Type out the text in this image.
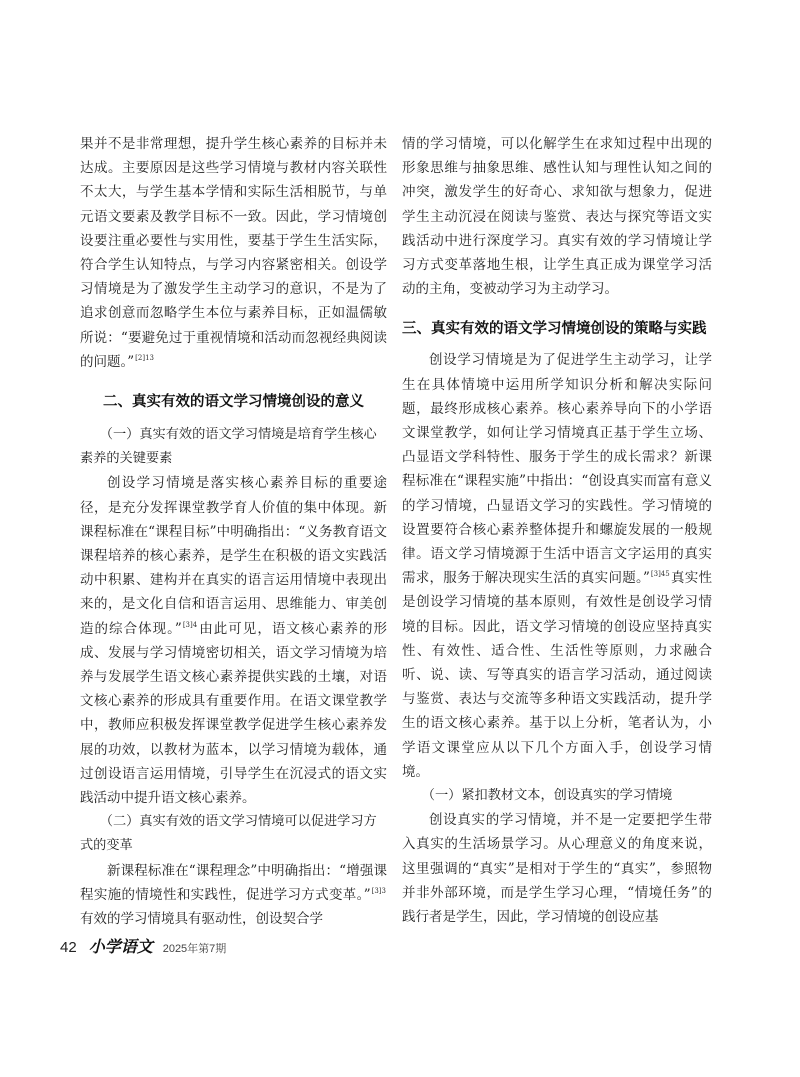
果并不是非常理想，提升学生核心素养的目标并未达成。主要原因是这些学习情境与教材内容关联性不太大，与学生基本学情和实际生活相脱节，与单元语文要素及教学目标不一致。因此，学习情境创设要注重必要性与实用性，要基于学生生活实际，符合学生认知特点，与学习内容紧密相关。创设学习情境是为了激发学生主动学习的意识，不是为了追求创意而忽略学生本位与素养目标，正如温儒敏所说：“要避免过于重视情境和活动而忽视经典阅读的问题。”$^{[2]13}$

二、真实有效的语文学习情境创设的意义
（一）真实有效的语文学习情境是培育学生核心素养的关键要素

创设学习情境是落实核心素养目标的重要途径，是充分发挥课堂教学育人价值的集中体现。新课程标准在“课程目标”中明确指出：“义务教育语文课程培养的核心素养，是学生在积极的语文实践活动中积累、建构并在真实的语言运用情境中表现出来的，是文化自信和语言运用、思维能力、审美创造的综合体现。”$^{[3]4}$由此可见，语文核心素养的形成、发展与学习情境密切相关，语文学习情境为培养与发展学生语文核心素养提供实践的土壤，对语文核心素养的形成具有重要作用。在语文课堂教学中，教师应积极发挥课堂教学促进学生核心素养发展的功效，以教材为蓝本，以学习情境为载体，通过创设语言运用情境，引导学生在沉浸式的语文实践活动中提升语文核心素养。

（二）真实有效的语文学习情境可以促进学习方式的变革

新课程标准在“课程理念”中明确指出：“增强课程实施的情境性和实践性，促进学习方式变革。”$^{[3]3}$有效的学习情境具有驱动性，创设契合学

情的学习情境，可以化解学生在求知过程中出现的形象思维与抽象思维、感性认知与理性认知之间的冲突，激发学生的好奇心、求知欲与想象力，促进学生主动沉浸在阅读与鉴赏、表达与探究等语文实践活动中进行深度学习。真实有效的学习情境让学习方式变革落地生根，让学生真正成为课堂学习活动的主角，变被动学习为主动学习。

三、真实有效的语文学习情境创设的策略与实践

创设学习情境是为了促进学生主动学习，让学生在具体情境中运用所学知识分析和解决实际问题，最终形成核心素养。核心素养导向下的小学语文课堂教学，如何让学习情境真正基于学生立场、凸显语文学科特性、服务于学生的成长需求？新课程标准在“课程实施”中指出：“创设真实而富有意义的学习情境，凸显语文学习的实践性。学习情境的设置要符合核心素养整体提升和螺旋发展的一般规律。语文学习情境源于生活中语言文字运用的真实需求，服务于解决现实生活的真实问题。”$^{[3]45}$真实性是创设学习情境的基本原则，有效性是创设学习情境的目标。因此，语文学习情境的创设应坚持真实性、有效性、适合性、生活性等原则，力求融合听、说、读、写等真实的语言学习活动，通过阅读与鉴赏、表达与交流等多种语文实践活动，提升学生的语文核心素养。基于以上分析，笔者认为，小学语文课堂应从以下几个方面入手，创设学习情境。

（一）紧扣教材文本，创设真实的学习情境

创设真实的学习情境，并不是一定要把学生带入真实的生活场景学习。从心理意义的角度来说，这里强调的“真实”是相对于学生的“真实”，参照物并非外部环境，而是学生学习心理，“情境任务”的践行者是学生，因此，学习情境的创设应基

42 小学语文 2025年第7期
